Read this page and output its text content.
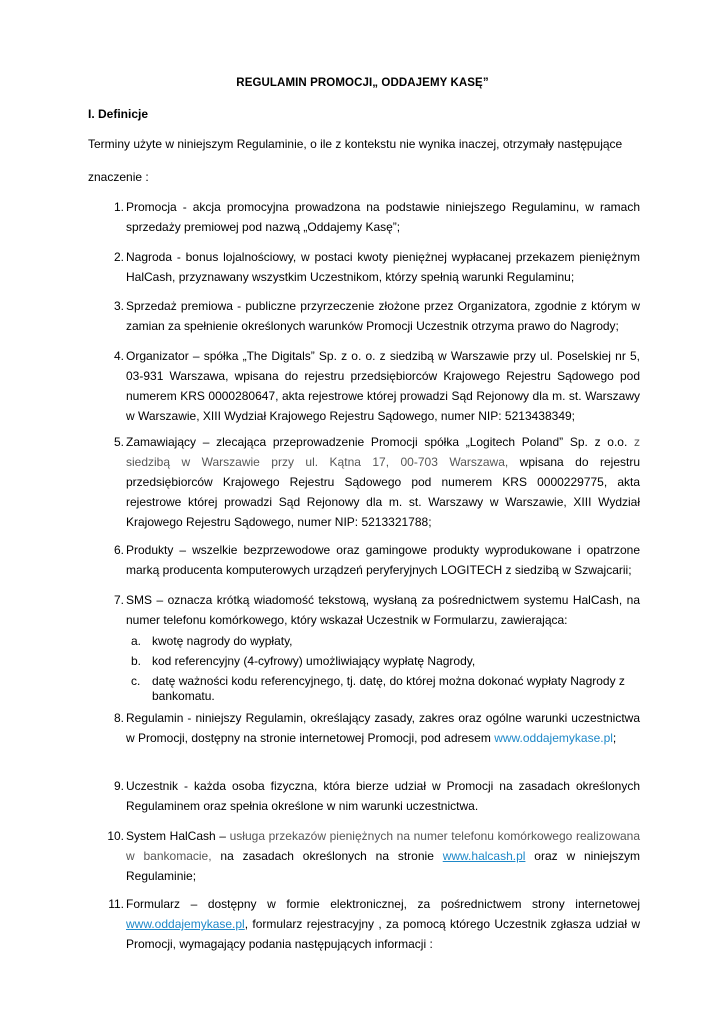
REGULAMIN PROMOCJI„ ODDAJEMY KASĘ”
I. Definicje
Terminy użyte w niniejszym Regulaminie, o ile z kontekstu nie wynika inaczej, otrzymały następujące
znaczenie :
1. Promocja - akcja promocyjna prowadzona na podstawie niniejszego Regulaminu, w ramach sprzedaży premiowej pod nazwą „Oddajemy Kasę”;
2. Nagroda - bonus lojalnościowy, w postaci kwoty pieniężnej wypłacanej przekazem pieniężnym HalCash, przyznawany wszystkim Uczestnikom, którzy spełnią warunki Regulaminu;
3. Sprzedaż premiowa - publiczne przyrzeczenie złożone przez Organizatora, zgodnie z którym w zamian za spełnienie określonych warunków Promocji Uczestnik otrzyma prawo do Nagrody;
4. Organizator – spółka „The Digitals” Sp. z o. o. z siedzibą w Warszawie przy ul. Poselskiej nr 5, 03-931 Warszawa, wpisana do rejestru przedsiębiorców Krajowego Rejestru Sądowego pod numerem KRS 0000280647, akta rejestrowe której prowadzi Sąd Rejonowy dla m. st. Warszawy w Warszawie, XIII Wydział Krajowego Rejestru Sądowego, numer NIP: 5213438349;
5. Zamawiający – zlecająca przeprowadzenie Promocji spółka „Logitech Poland” Sp. z o.o. z siedzibą w Warszawie przy ul. Kątna 17, 00-703 Warszawa, wpisana do rejestru przedsiębiorców Krajowego Rejestru Sądowego pod numerem KRS 0000229775, akta rejestrowe której prowadzi Sąd Rejonowy dla m. st. Warszawy w Warszawie, XIII Wydział Krajowego Rejestru Sądowego, numer NIP: 5213321788;
6. Produkty – wszelkie bezprzewodowe oraz gamingowe produkty wyprodukowane i opatrzone marką producenta komputerowych urządzeń peryferyjnych LOGITECH z siedzibą w Szwajcarii;
7. SMS – oznacza krótką wiadomość tekstową, wysłaną za pośrednictwem systemu HalCash, na numer telefonu komórkowego, który wskazał Uczestnik w Formularzu, zawierająca:
a. kwotę nagrody do wypłaty,
b. kod referencyjny (4-cyfrowy) umożliwiający wypłatę Nagrody,
c. datę ważności kodu referencyjnego, tj. datę, do której można dokonać wypłaty Nagrody z bankomatu.
8. Regulamin - niniejszy Regulamin, określający zasady, zakres oraz ogólne warunki uczestnictwa w Promocji, dostępny na stronie internetowej Promocji, pod adresem www.oddajemykase.pl;
9. Uczestnik - każda osoba fizyczna, która bierze udział w Promocji na zasadach określonych Regulaminem oraz spełnia określone w nim warunki uczestnictwa.
10. System HalCash – usługa przekazów pieniężnych na numer telefonu komórkowego realizowana w bankomacie, na zasadach określonych na stronie www.halcash.pl oraz w niniejszym Regulaminie;
11. Formularz – dostępny w formie elektronicznej, za pośrednictwem strony internetowej www.oddajemykase.pl, formularz rejestracyjny , za pomocą którego Uczestnik zgłasza udział w Promocji, wymagający podania następujących informacji :
